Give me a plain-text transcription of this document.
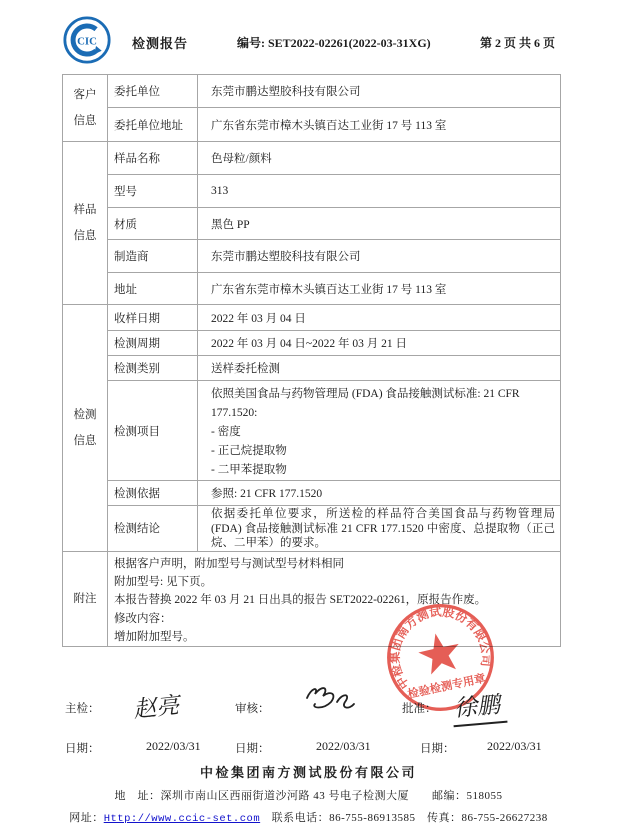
CIC	检测报告	编号: SET2022-02261(2022-03-31XG)	第 2 页 共 6 页
客户
信息	委托单位	东莞市鹏达塑胶科技有限公司
	委托单位地址	广东省东莞市樟木头镇百达工业街 17 号 113 室

样品
信息	样品名称	色母粒/颜料
	型号	313
	材质	黑色 PP
	制造商	东莞市鹏达塑胶科技有限公司
	地址	广东省东莞市樟木头镇百达工业街 17 号 113 室

检测
信息	收样日期	2022 年 03 月 04 日
	检测周期	2022 年 03 月 04 日~2022 年 03 月 21 日
	检测类别	送样委托检测
	检测项目	依照美国食品与药物管理局 (FDA) 食品接触测试标准: 21 CFR
177.1520:
- 密度
- 正己烷提取物
- 二甲苯提取物

	检测依据	参照: 21 CFR 177.1520
	检测结论	依据委托单位要求，所送检的样品符合美国食品与药物管理局 (FDA) 食品接触测试标准 21 CFR 177.1520 中密度、总提取物（正己烷、二甲苯）的要求。

附注	根据客户声明，附加型号与测试型号材料相同
附加型号: 见下页。
本报告替换 2022 年 03 月 21 日出具的报告 SET2022-02261，原报告作废。
修改内容：
增加附加型号。	
中检集团南方测试股份有限公司
检验检测专用章
主检： 赵亮	审核：	批准： 徐鹏
日期：	2022/03/31	日期：	2022/03/31	日期：	2022/03/31
中检集团南方测试股份有限公司
地　址：深圳市南山区西丽街道沙河路 43 号电子检测大厦　　邮编：518055
网址：Http://www.ccic-set.com　联系电话：86-755-86913585　传真：86-755-26627238
